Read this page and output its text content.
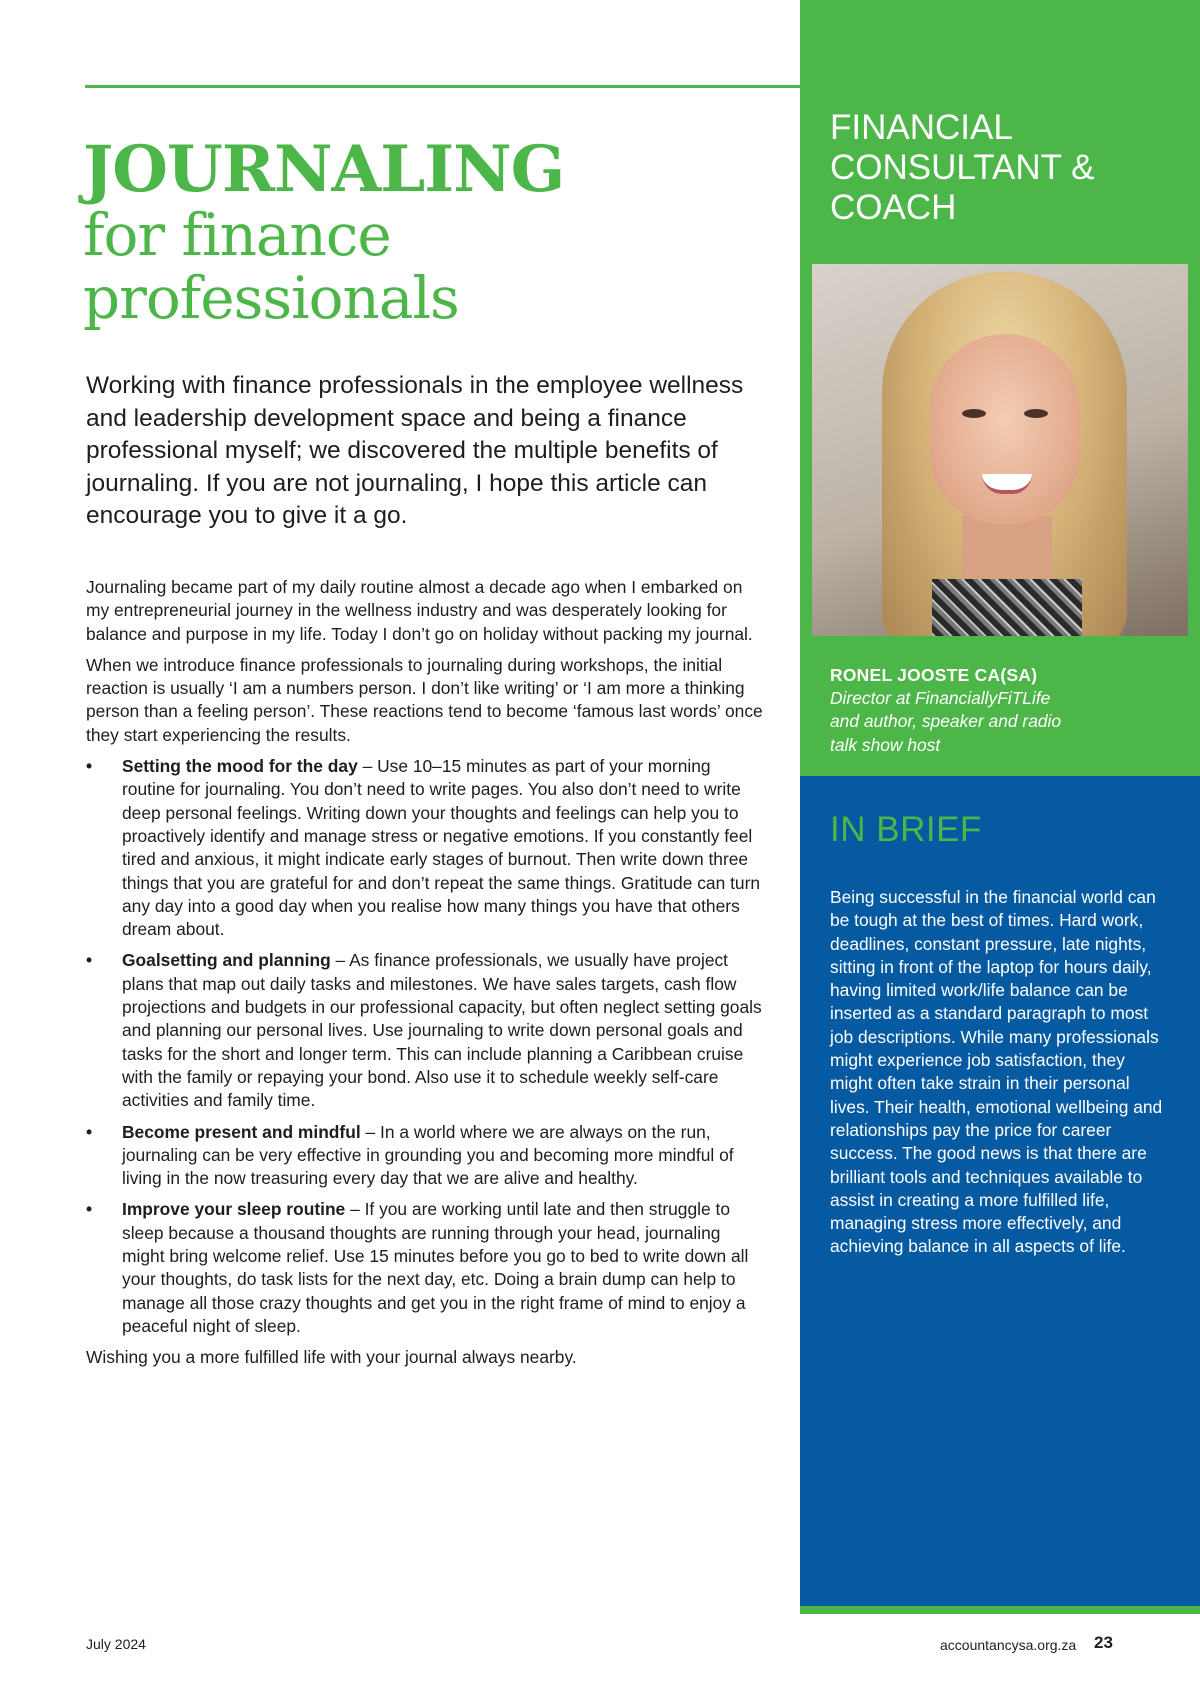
JOURNALING
for finance
professionals

Working with finance professionals in the employee wellness and leadership development space and being a finance professional myself; we discovered the multiple benefits of journaling. If you are not journaling, I hope this article can encourage you to give it a go.

Journaling became part of my daily routine almost a decade ago when I embarked on my entrepreneurial journey in the wellness industry and was desperately looking for balance and purpose in my life. Today I don’t go on holiday without packing my journal.

When we introduce finance professionals to journaling during workshops, the initial reaction is usually ‘I am a numbers person. I don’t like writing’ or ‘I am more a thinking person than a feeling person’. These reactions tend to become ‘famous last words’ once they start experiencing the results.

• Setting the mood for the day – Use 10–15 minutes as part of your morning routine for journaling. You don’t need to write pages. You also don’t need to write deep personal feelings. Writing down your thoughts and feelings can help you to proactively identify and manage stress or negative emotions. If you constantly feel tired and anxious, it might indicate early stages of burnout. Then write down three things that you are grateful for and don’t repeat the same things. Gratitude can turn any day into a good day when you realise how many things you have that others dream about.
• Goalsetting and planning – As finance professionals, we usually have project plans that map out daily tasks and milestones. We have sales targets, cash flow projections and budgets in our professional capacity, but often neglect setting goals and planning our personal lives. Use journaling to write down personal goals and tasks for the short and longer term. This can include planning a Caribbean cruise with the family or repaying your bond. Also use it to schedule weekly self-care activities and family time.
• Become present and mindful – In a world where we are always on the run, journaling can be very effective in grounding you and becoming more mindful of living in the now treasuring every day that we are alive and healthy.
• Improve your sleep routine – If you are working until late and then struggle to sleep because a thousand thoughts are running through your head, journaling might bring welcome relief. Use 15 minutes before you go to bed to write down all your thoughts, do task lists for the next day, etc. Doing a brain dump can help to manage all those crazy thoughts and get you in the right frame of mind to enjoy a peaceful night of sleep.

Wishing you a more fulfilled life with your journal always nearby.

FINANCIAL
CONSULTANT &
COACH

RONEL JOOSTE CA(SA)

Director at FinanciallyFiTLife
and author, speaker and radio
talk show host

IN BRIEF

Being successful in the financial world can be tough at the best of times. Hard work, deadlines, constant pressure, late nights, sitting in front of the laptop for hours daily, having limited work/life balance can be inserted as a standard paragraph to most job descriptions. While many professionals might experience job satisfaction, they might often take strain in their personal lives. Their health, emotional wellbeing and relationships pay the price for career success. The good news is that there are brilliant tools and techniques available to assist in creating a more fulfilled life, managing stress more effectively, and achieving balance in all aspects of life.

July 2024	accountancysa.org.za 23
